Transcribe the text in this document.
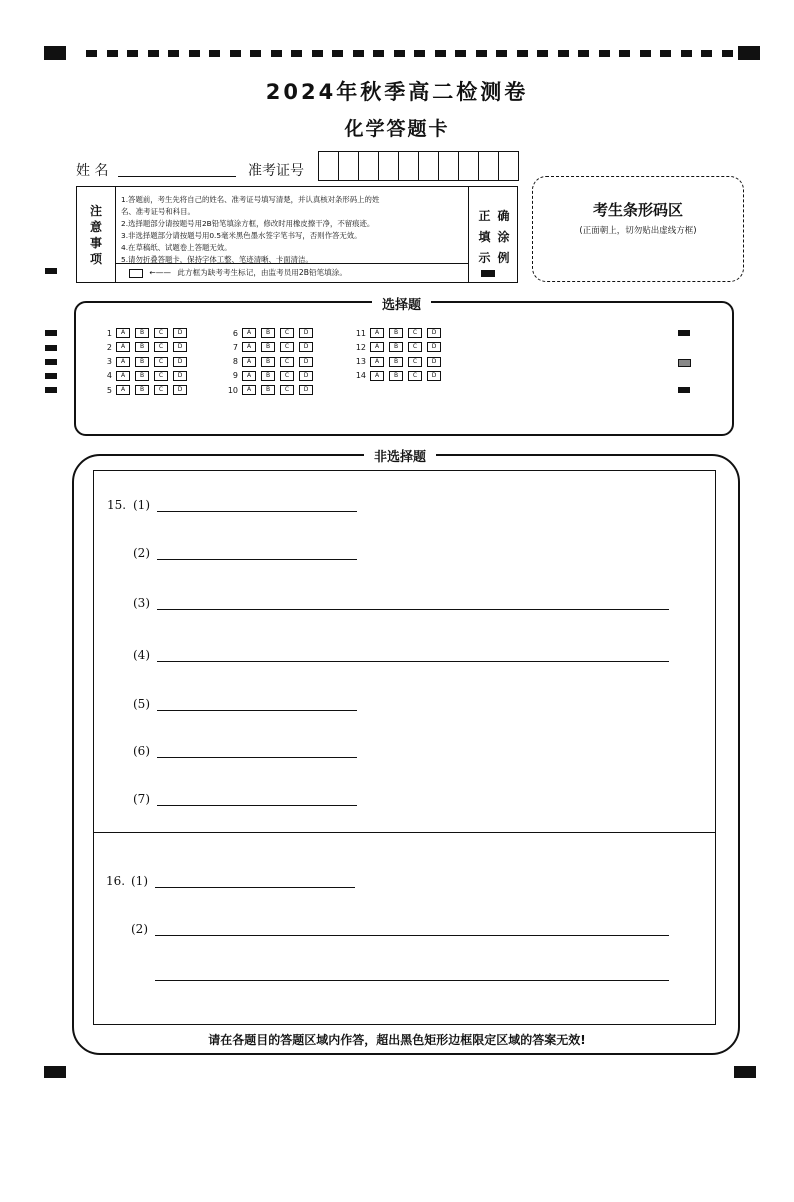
2024年秋季高二检测卷
化学答题卡
姓 名	准考证号
注
意
事
项
1.答题前，考生先将自己的姓名、准考证号填写清楚，并认真核对条形码上的姓
名、准考证号和科目。
2.选择题部分请按题号用2B铅笔填涂方框，修改时用橡皮擦干净，不留痕迹。
3.非选择题部分请按题号用0.5毫米黑色墨水签字笔书写，否则作答无效。
4.在草稿纸、试题卷上答题无效。
5.请勿折叠答题卡，保持字体工整、笔迹清晰、卡面清洁。
←—— 此方框为缺考考生标记，由监考员用2B铅笔填涂。
正 确
填 涂
示 例
考生条形码区
(正面朝上，切勿贴出虚线方框)
选择题
1	A	B	C	D
2	A	B	C	D
3	A	B	C	D
4	A	B	C	D
5	A	B	C	D
6	A	B	C	D
7	A	B	C	D
8	A	B	C	D
9	A	B	C	D
10	A	B	C	D
11	A	B	C	D
12	A	B	C	D
13	A	B	C	D
14	A	B	C	D
非选择题
15. (1)
(2)
(3)
(4)
(5)
(6)
(7)
16. (1)
(2)
请在各题目的答题区域内作答，超出黑色矩形边框限定区域的答案无效!
